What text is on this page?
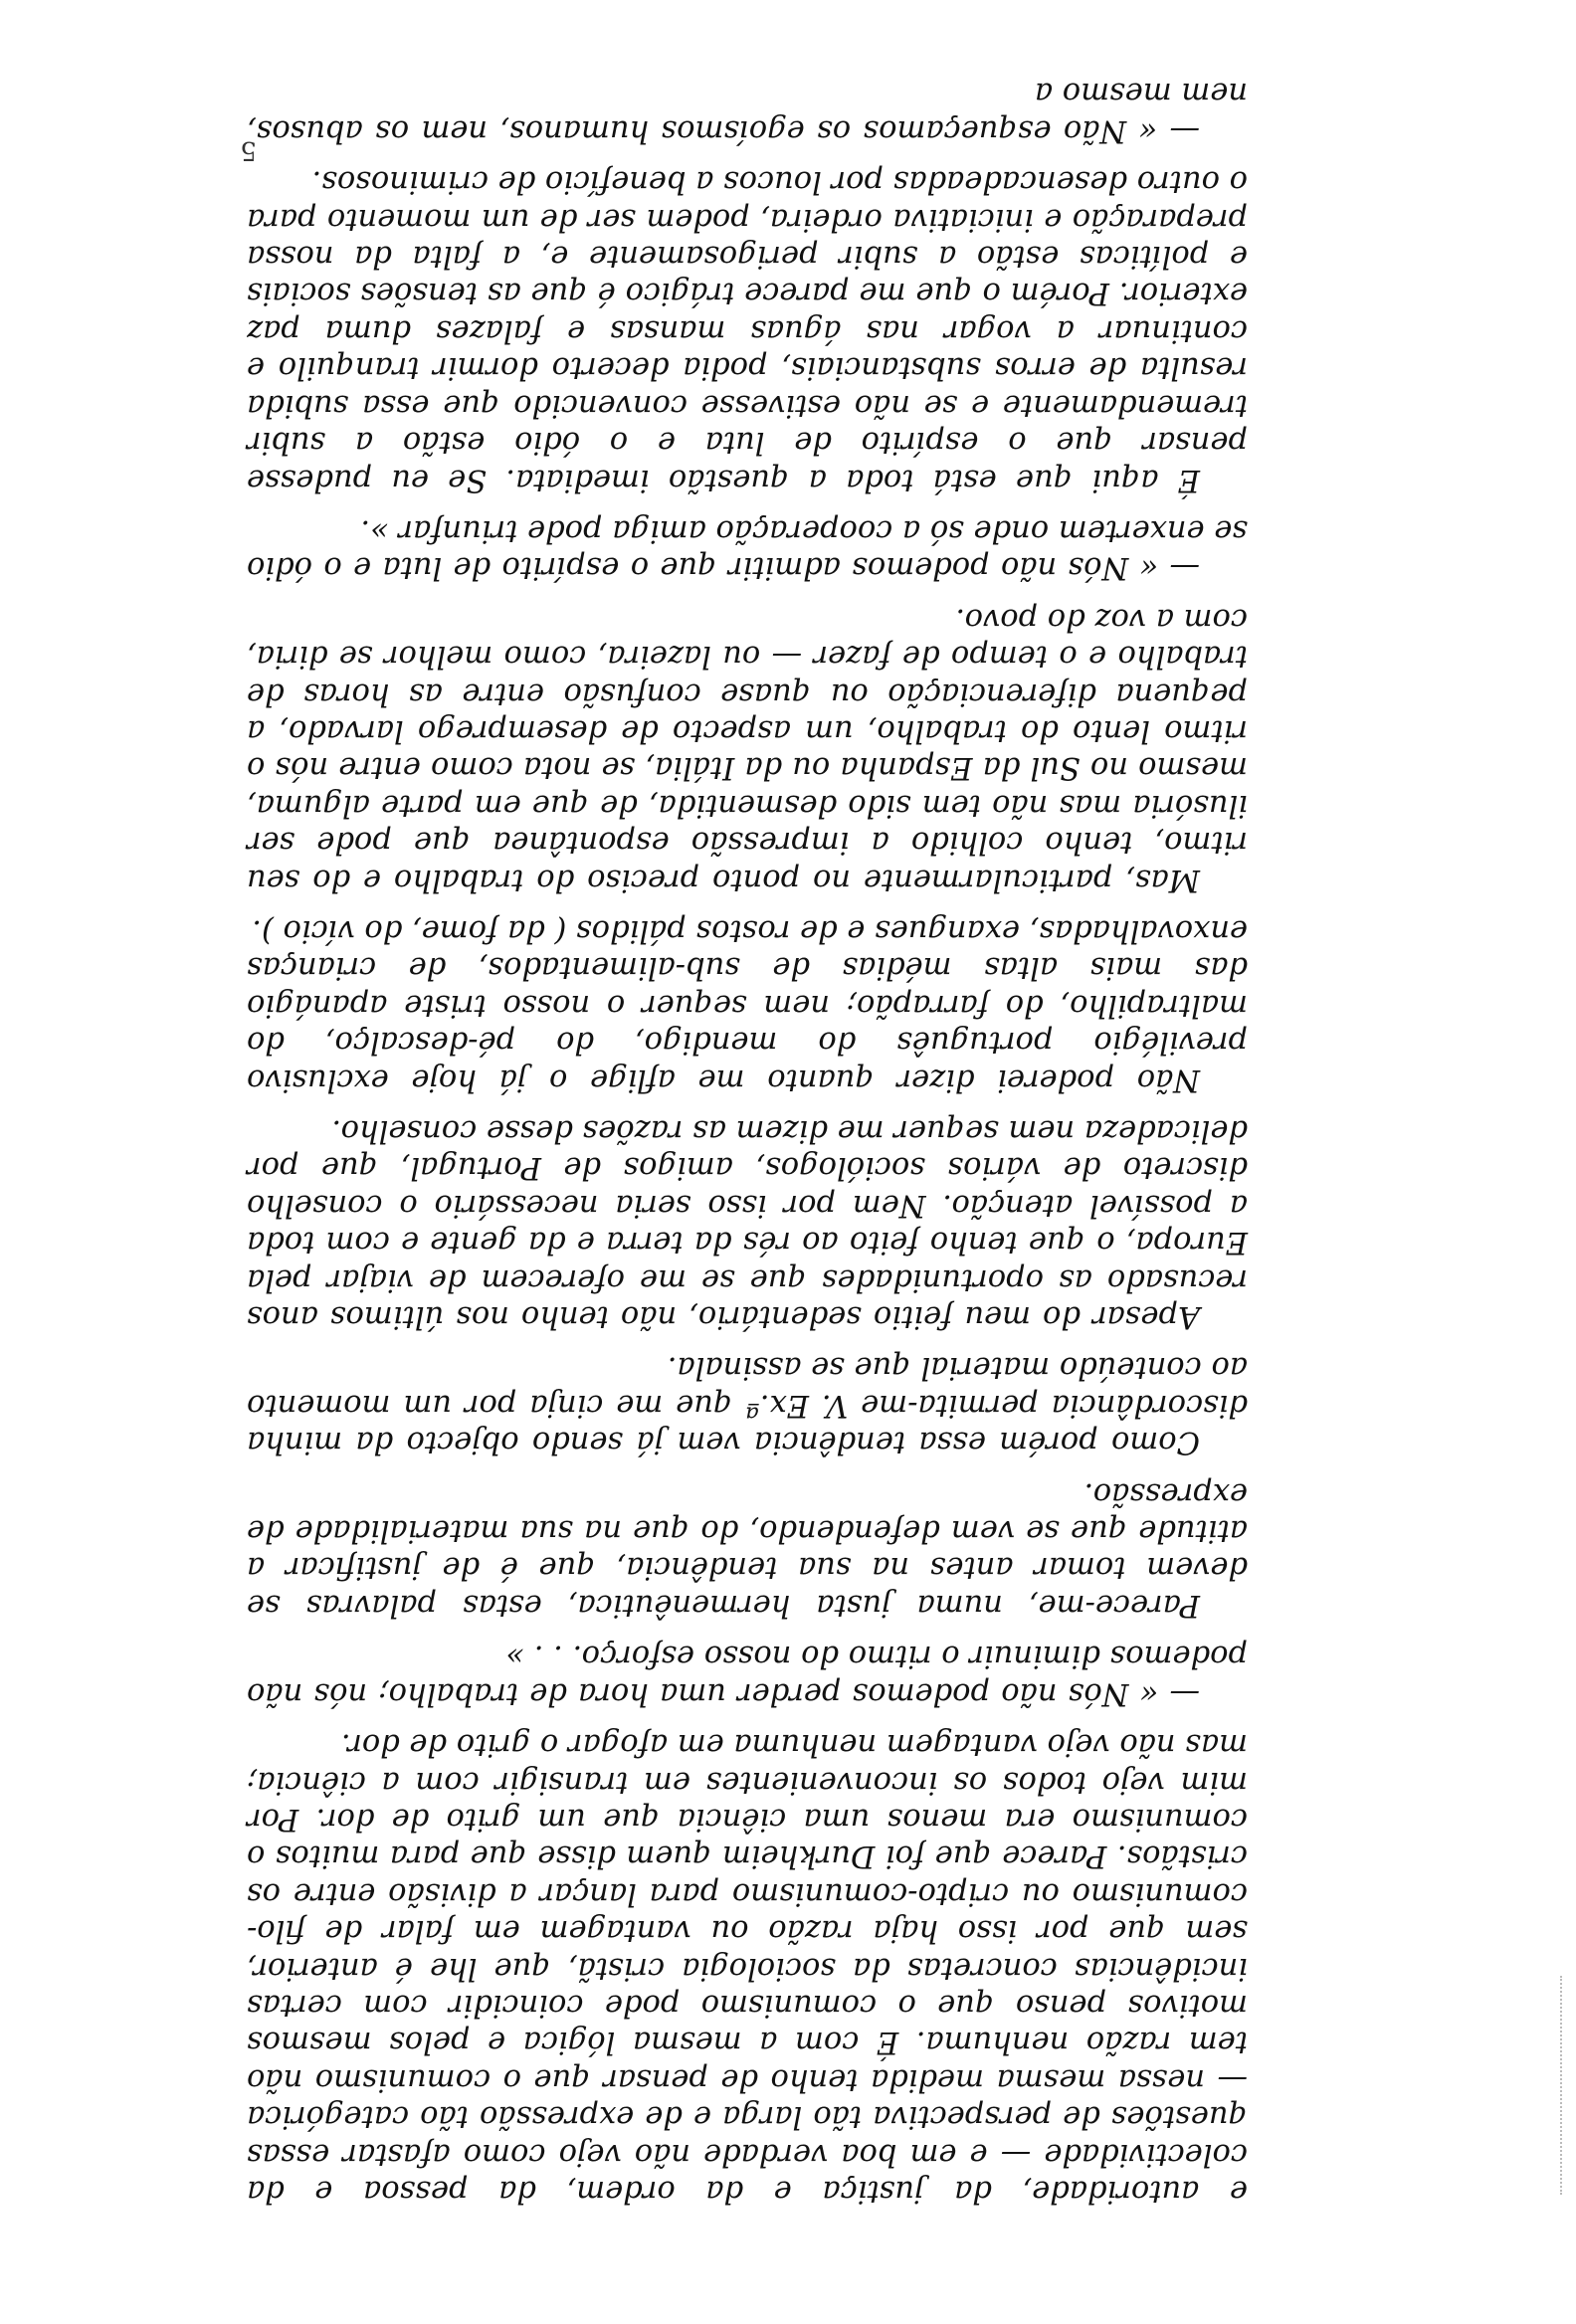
e autoridade, da justiça e da ordem, da pessoa e da colectividade — e em boa verdade não vejo como afastar essas questões de perspectiva tão larga e de expressão tão categórica — nessa mesma medida tenho de pensar que o comunismo não tem razão nenhuma. É com a mesma lógica e pelos mesmos motivos penso que o comunismo pode coincidir com certas incidências concretas da sociologia cristã, que lhe é anterior, sem que por isso haja razão ou vantagem em falar de filo-comunismo ou cripto-comunismo para lançar a divisão entre os cristãos. Parece que foi Durkheim quem disse que para muitos o comunismo era menos uma ciência que um grito de dor. Por mim vejo todos os inconvenientes em transigir com a ciência; mas não vejo vantagem nenhuma em afogar o grito de dor.

— « Nós não podemos perder uma hora de trabalho; nós não podemos diminuir o ritmo do nosso esforço. . . »

Parece-me, numa justa hermenêutica, estas palavras se devem tomar antes na sua tendência, que é de justificar a atitude que se vem defendendo, do que na sua materialidade de expressão.

Como porém essa tendência vem já sendo objecto da minha discordância permita-me V. Ex.ª que me cinja por um momento ao conteúdo material que se assinala.

Apesar do meu feitio sedentário, não tenho nos últimos anos recusado as oportunidades que se me oferecem de viajar pela Europa, o que tenho feito ao rés da terra e da gente e com toda a possível atenção. Nem por isso seria necessário o conselho discreto de vários sociólogos, amigos de Portugal, que por delicadeza nem sequer me dizem as razões desse conselho.

Não poderei dizer quanto me aflige o já hoje exclusivo previlégio português do mendigo, do pé-descalço, do maltrapilho, do farrapão; nem sequer o nosso triste apanágio das mais altas médias de sub-alimentados, de crianças enxovalhadas, exangues e de rostos pálidos ( da fome, do vício ).

Mas, particularmente no ponto preciso do trabalho e do seu ritmo, tenho colhido a impressão espontânea que pode ser ilusória mas não tem sido desmentida, de que em parte alguma, mesmo no Sul da Espanha ou da Itália, se nota como entre nós o ritmo lento do trabalho, um aspecto de desemprego larvado, a pequena diferenciação ou quase confusão entre as horas de trabalho e o tempo de fazer — ou lazeira, como melhor se diria, com a voz do povo.

— « Nós não podemos admitir que o espírito de luta e o ódio se enxertem onde só a cooperação amiga pode triunfar ».

É aqui que está toda a questão imediata. Se eu pudesse pensar que o espírito de luta e o ódio estão a subir tremendamente e se não estivesse convencido que essa subida resulta de erros substanciais, podia decerto dormir tranquilo e continuar a vogar nas águas mansas e falazes duma paz exterior. Porém o que me parece trágico é que as tensões sociais e políticas estão a subir perigosamente e, a falta da nossa preparação e iniciativa ordeira, podem ser de um momento para o outro desencadeadas por loucos a benefício de criminosos.

— « Não esqueçamos os egoísmos humanos, nem os abusos, nem mesmo a

5
